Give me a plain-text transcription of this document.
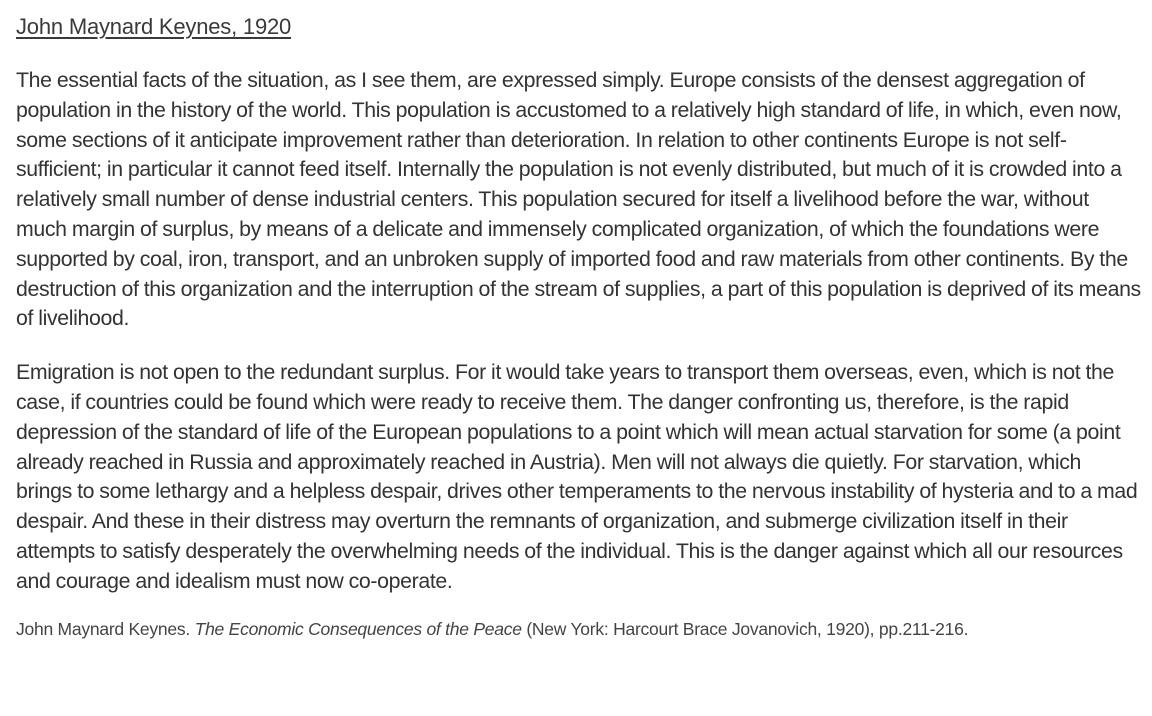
John Maynard Keynes, 1920

The essential facts of the situation, as I see them, are expressed simply. Europe consists of the densest aggregation of population in the history of the world. This population is accustomed to a relatively high standard of life, in which, even now, some sections of it anticipate improvement rather than deterioration. In relation to other continents Europe is not self-sufficient; in particular it cannot feed itself. Internally the population is not evenly distributed, but much of it is crowded into a relatively small number of dense industrial centers. This population secured for itself a livelihood before the war, without much margin of surplus, by means of a delicate and immensely complicated organization, of which the foundations were supported by coal, iron, transport, and an unbroken supply of imported food and raw materials from other continents. By the destruction of this organization and the interruption of the stream of supplies, a part of this population is deprived of its means of livelihood.

Emigration is not open to the redundant surplus. For it would take years to transport them overseas, even, which is not the case, if countries could be found which were ready to receive them. The danger confronting us, therefore, is the rapid depression of the standard of life of the European populations to a point which will mean actual starvation for some (a point already reached in Russia and approximately reached in Austria). Men will not always die quietly. For starvation, which brings to some lethargy and a helpless despair, drives other temperaments to the nervous instability of hysteria and to a mad despair. And these in their distress may overturn the remnants of organization, and submerge civilization itself in their attempts to satisfy desperately the overwhelming needs of the individual. This is the danger against which all our resources and courage and idealism must now co-operate.

John Maynard Keynes. The Economic Consequences of the Peace (New York: Harcourt Brace Jovanovich, 1920), pp.211-216.
